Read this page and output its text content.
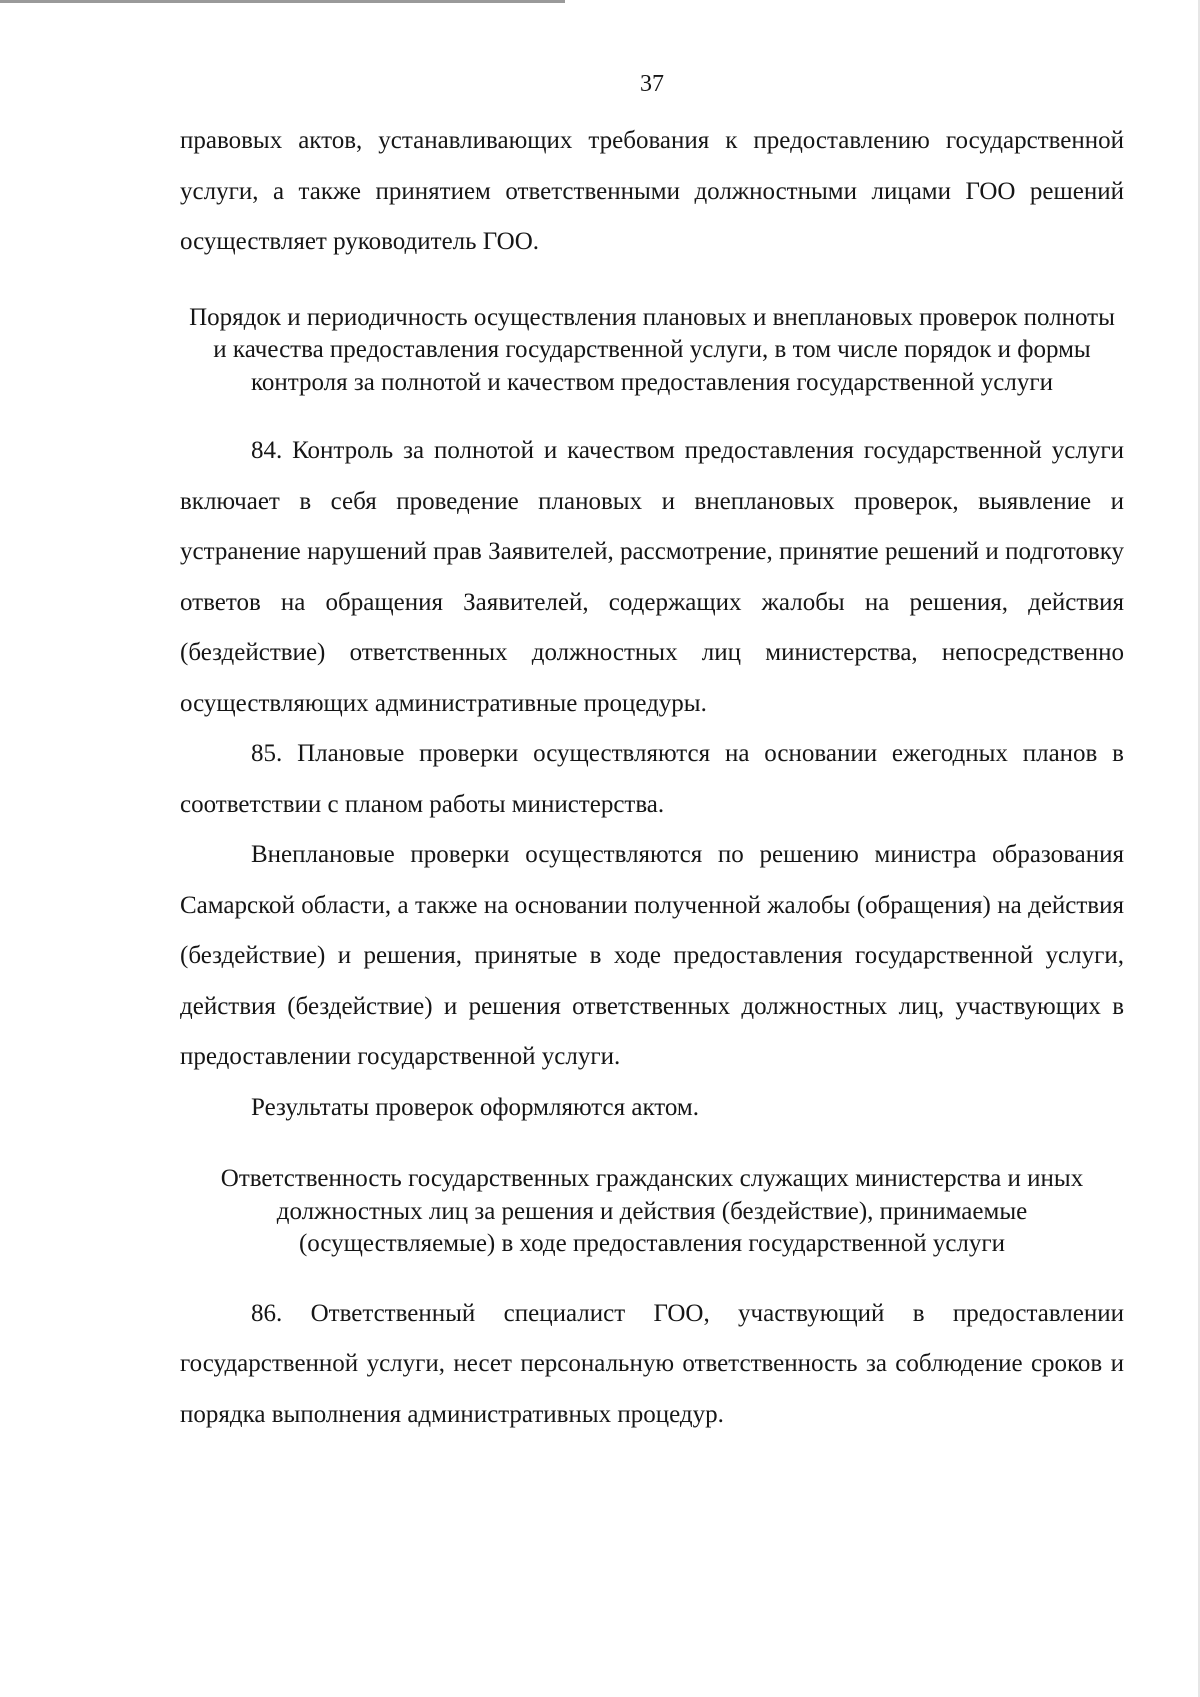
37

правовых актов, устанавливающих требования к предоставлению государственной услуги, а также принятием ответственными должностными лицами ГОО решений осуществляет руководитель ГОО.

Порядок и периодичность осуществления плановых и внеплановых проверок полноты и качества предоставления государственной услуги, в том числе порядок и формы контроля за полнотой и качеством предоставления государственной услуги

84. Контроль за полнотой и качеством предоставления государственной услуги включает в себя проведение плановых и внеплановых проверок, выявление и устранение нарушений прав Заявителей, рассмотрение, принятие решений и подготовку ответов на обращения Заявителей, содержащих жалобы на решения, действия (бездействие) ответственных должностных лиц министерства, непосредственно осуществляющих административные процедуры.

85. Плановые проверки осуществляются на основании ежегодных планов в соответствии с планом работы министерства.

Внеплановые проверки осуществляются по решению министра образования Самарской области, а также на основании полученной жалобы (обращения) на действия (бездействие) и решения, принятые в ходе предоставления государственной услуги, действия (бездействие) и решения ответственных должностных лиц, участвующих в предоставлении государственной услуги.

Результаты проверок оформляются актом.

Ответственность государственных гражданских служащих министерства и иных должностных лиц за решения и действия (бездействие), принимаемые (осуществляемые) в ходе предоставления государственной услуги

86. Ответственный специалист ГОО, участвующий в предоставлении государственной услуги, несет персональную ответственность за соблюдение сроков и порядка выполнения административных процедур.
